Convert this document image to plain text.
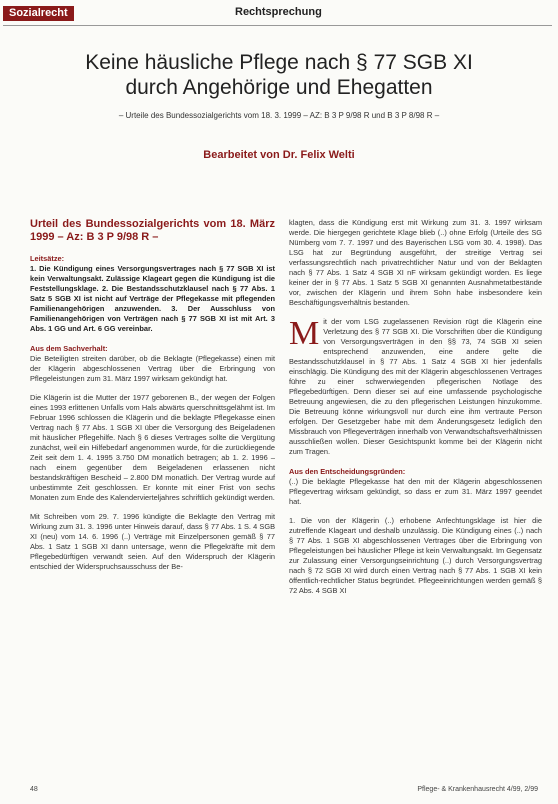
Sozialrecht	Rechtsprechung
Keine häusliche Pflege nach § 77 SGB XI
durch Angehörige und Ehegatten
– Urteile des Bundessozialgerichts vom 18. 3. 1999 – AZ: B 3 P 9/98 R und B 3 P 8/98 R –
Bearbeitet von Dr. Felix Welti
Urteil des Bundessozialgerichts vom 18. März 1999 – Az: B 3 P 9/98 R –
Leitsätze:

1. Die Kündigung eines Versorgungsvertrages nach § 77 SGB XI ist kein Verwaltungsakt. Zulässige Klageart gegen die Kündigung ist die Feststellungsklage. 2. Die Bestandsschutzklausel nach § 77 Abs. 1 Satz 5 SGB XI ist nicht auf Verträge der Pflegekasse mit pflegenden Familienangehörigen anzuwenden. 3. Der Ausschluss von Familienangehörigen von Verträgen nach § 77 SGB XI ist mit Art. 3 Abs. 1 GG und Art. 6 GG vereinbar.

Aus dem Sachverhalt:

Die Beteiligten streiten darüber, ob die Beklagte (Pflegekasse) einen mit der Klägerin abgeschlossenen Vertrag über die Erbringung von Pflegeleistungen zum 31. März 1997 wirksam gekündigt hat.

Die Klägerin ist die Mutter der 1977 geborenen B., der wegen der Folgen eines 1993 erlittenen Unfalls vom Hals abwärts querschnittsgelähmt ist. Im Februar 1996 schlossen die Klägerin und die beklagte Pflegekasse einen Vertrag nach § 77 Abs. 1 SGB XI über die Versorgung des Beigeladenen mit häuslicher Pflegehilfe. Nach § 6 dieses Vertrages sollte die Vergütung zunächst, weil ein Hilfebedarf angenommen wurde, für die zurückliegende Zeit seit dem 1. 4. 1995 3.750 DM monatlich betragen; ab 1. 2. 1996 – nach einem gegenüber dem Beigeladenen erlassenen nicht bestandskräftigen Bescheid – 2.800 DM monatlich. Der Vertrag wurde auf unbestimmte Zeit geschlossen. Er konnte mit einer Frist von sechs Monaten zum Ende des Kalendervierteljahres schriftlich gekündigt werden.

Mit Schreiben vom 29. 7. 1996 kündigte die Beklagte den Vertrag mit Wirkung zum 31. 3. 1996 unter Hinweis darauf, dass § 77 Abs. 1 S. 4 SGB XI (neu) vom 14. 6. 1996 (..) Verträge mit Einzelpersonen gemäß § 77 Abs. 1 Satz 1 SGB XI dann untersage, wenn die Pflegekräfte mit dem Pflegebedürftigen verwandt seien. Auf den Widerspruch der Klägerin entschied der Widerspruchsausschuss der Be-

klagten, dass die Kündigung erst mit Wirkung zum 31. 3. 1997 wirksam werde. Die hiergegen gerichtete Klage blieb (..) ohne Erfolg (Urteile des SG Nürnberg vom 7. 7. 1997 und des Bayerischen LSG vom 30. 4. 1998). Das LSG hat zur Begründung ausgeführt, der streitige Vertrag sei verfassungsrechtlich nach privatrechtlicher Natur und von der Beklagten nach § 77 Abs. 1 Satz 4 SGB XI nF wirksam gekündigt worden. Es liege keiner der in § 77 Abs. 1 Satz 5 SGB XI genannten Ausnahmetatbestände vor, zwischen der Klägerin und ihrem Sohn habe insbesondere kein Beschäftigungsverhältnis bestanden.

Mit der vom LSG zugelassenen Revision rügt die Klägerin eine Verletzung des § 77 SGB XI. Die Vorschriften über die Kündigung von Versorgungsverträgen in den §§ 73, 74 SGB XI seien entsprechend anzuwenden, eine andere gelte die Bestandsschutzklausel in § 77 Abs. 1 Satz 4 SGB XI hier jedenfalls einschlägig. Die Kündigung des mit der Klägerin abgeschlossenen Vertrages führe zu einer schwerwiegenden pflegerischen Notlage des Pflegebedürftigen. Denn dieser sei auf eine umfassende psychologische Betreuung angewiesen, die zu den pflegerischen Leistungen hinzukomme. Die Betreuung könne wirkungsvoll nur durch eine ihm vertraute Person erfolgen. Der Gesetzgeber habe mit dem Änderungsgesetz lediglich den Missbrauch von Pflegeverträgen innerhalb von Verwandtschaftsverhältnissen ausschließen wollen. Dieser Gesichtspunkt komme bei der Klägerin nicht zum Tragen.

Aus den Entscheidungsgründen:

(..) Die beklagte Pflegekasse hat den mit der Klägerin abgeschlossenen Pflegevertrag wirksam gekündigt, so dass er zum 31. März 1997 geendet hat.

1. Die von der Klägerin (..) erhobene Anfechtungsklage ist hier die zutreffende Klageart und deshalb unzulässig. Die Kündigung eines (..) nach § 77 Abs. 1 SGB XI abgeschlossenen Vertrages über die Erbringung von Pflegeleistungen bei häuslicher Pflege ist kein Verwaltungsakt. Im Gegensatz zur Zulassung einer Versorgungseinrichtung (..) durch Versorgungsvertrag nach § 72 SGB XI wird durch einen Vertrag nach § 77 Abs. 1 SGB XI kein öffentlich-rechtlicher Status begründet. Pflegeeinrichtungen werden gemäß § 72 Abs. 4 SGB XI

48	Pflege- & Krankenhausrecht 4/99, 2/99
